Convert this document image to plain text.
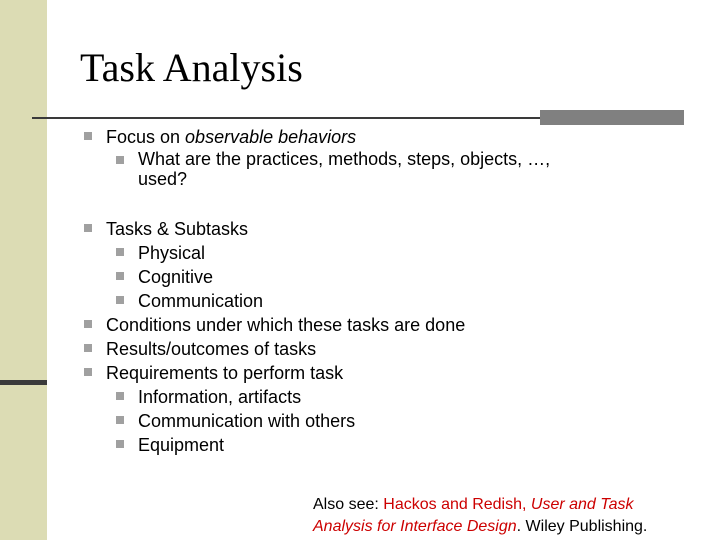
Task Analysis
Focus on observable behaviors
What are the practices, methods, steps, objects, …,
used?
Tasks & Subtasks
Physical
Cognitive
Communication
Conditions under which these tasks are done
Results/outcomes of tasks
Requirements to perform task
Information, artifacts
Communication with others
Equipment
Also see: Hackos and Redish, User and Task
Analysis for Interface Design. Wiley Publishing.
